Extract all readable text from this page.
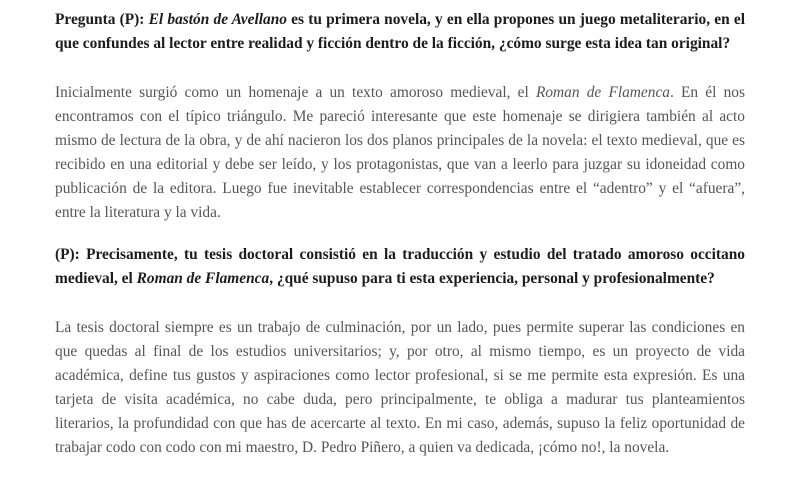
Pregunta (P): El bastón de Avellano es tu primera novela, y en ella propones un juego metaliterario, en el que confundes al lector entre realidad y ficción dentro de la ficción, ¿cómo surge esta idea tan original?

Inicialmente surgió como un homenaje a un texto amoroso medieval, el Roman de Flamenca. En él nos encontramos con el típico triángulo. Me pareció interesante que este homenaje se dirigiera también al acto mismo de lectura de la obra, y de ahí nacieron los dos planos principales de la novela: el texto medieval, que es recibido en una editorial y debe ser leído, y los protagonistas, que van a leerlo para juzgar su idoneidad como publicación de la editora. Luego fue inevitable establecer correspondencias entre el “adentro” y el “afuera”, entre la literatura y la vida.

(P): Precisamente, tu tesis doctoral consistió en la traducción y estudio del tratado amoroso occitano medieval, el Roman de Flamenca, ¿qué supuso para ti esta experiencia, personal y profesionalmente?

La tesis doctoral siempre es un trabajo de culminación, por un lado, pues permite superar las condiciones en que quedas al final de los estudios universitarios; y, por otro, al mismo tiempo, es un proyecto de vida académica, define tus gustos y aspiraciones como lector profesional, si se me permite esta expresión. Es una tarjeta de visita académica, no cabe duda, pero principalmente, te obliga a madurar tus planteamientos literarios, la profundidad con que has de acercarte al texto. En mi caso, además, supuso la feliz oportunidad de trabajar codo con codo con mi maestro, D. Pedro Piñero, a quien va dedicada, ¡cómo no!, la novela.
